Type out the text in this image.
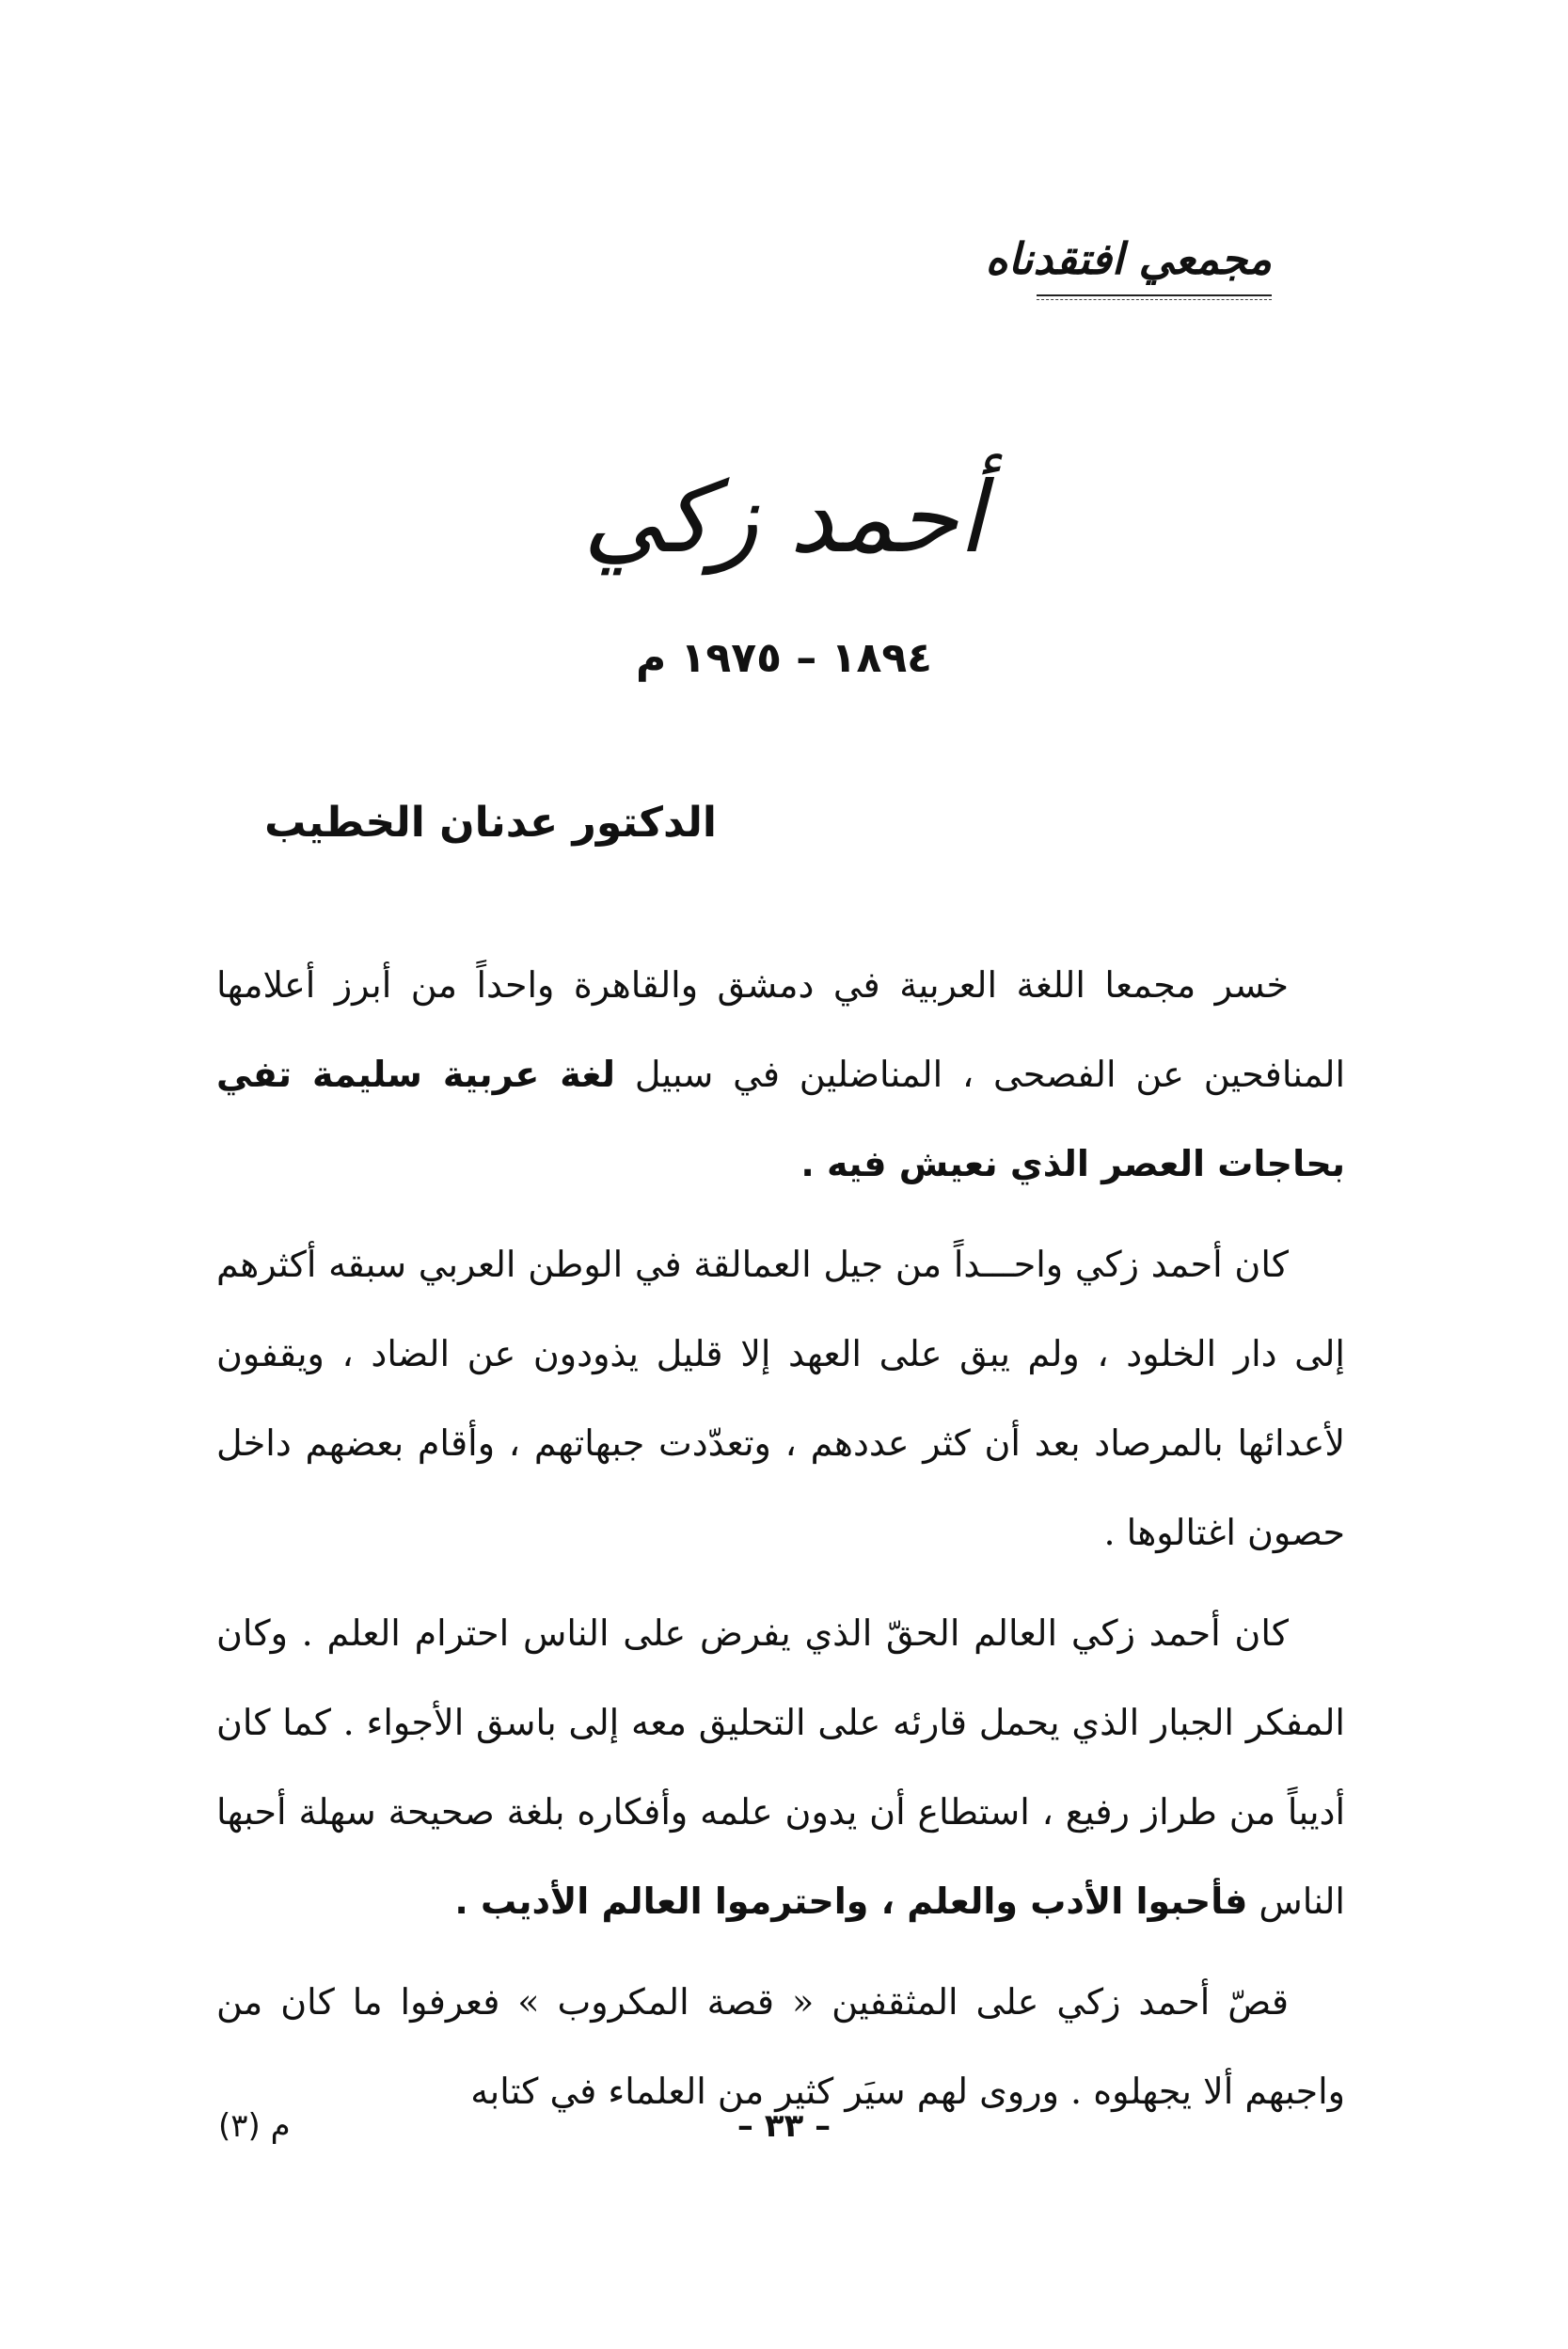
مجمعي افتقدناه
أحمد زكي
١٨٩٤ – ١٩٧٥ م
الدكتور عدنان الخطيب

خسر مجمعا اللغة العربية في دمشق والقاهرة واحداً من أبرز أعلامها المنافحين عن الفصحى ، المناضلين في سبيل لغة عربية سليمة تفي بحاجات العصر الذي نعيش فيه .

كان أحمد زكي واحـــداً من جيل العمالقة في الوطن العربي سبقه أكثرهم إلى دار الخلود ، ولم يبق على العهد إلا قليل يذودون عن الضاد ، ويقفون لأعدائها بالمرصاد بعد أن كثر عددهم ، وتعدّدت جبهاتهم ، وأقام بعضهم داخل حصون اغتالوها .

كان أحمد زكي العالم الحقّ الذي يفرض على الناس احترام العلم . وكان المفكر الجبار الذي يحمل قارئه على التحليق معه إلى باسق الأجواء . كما كان أديباً من طراز رفيع ، استطاع أن يدون علمه وأفكاره بلغة صحيحة سهلة أحبها الناس فأحبوا الأدب والعلم ، واحترموا العالم الأديب .

قصّ أحمد زكي على المثقفين « قصة المكروب » فعرفوا ما كان من واجبهم ألا يجهلوه . وروى لهم سيَر كثير من العلماء في كتابه

– ٣٣ –
م (٣)
